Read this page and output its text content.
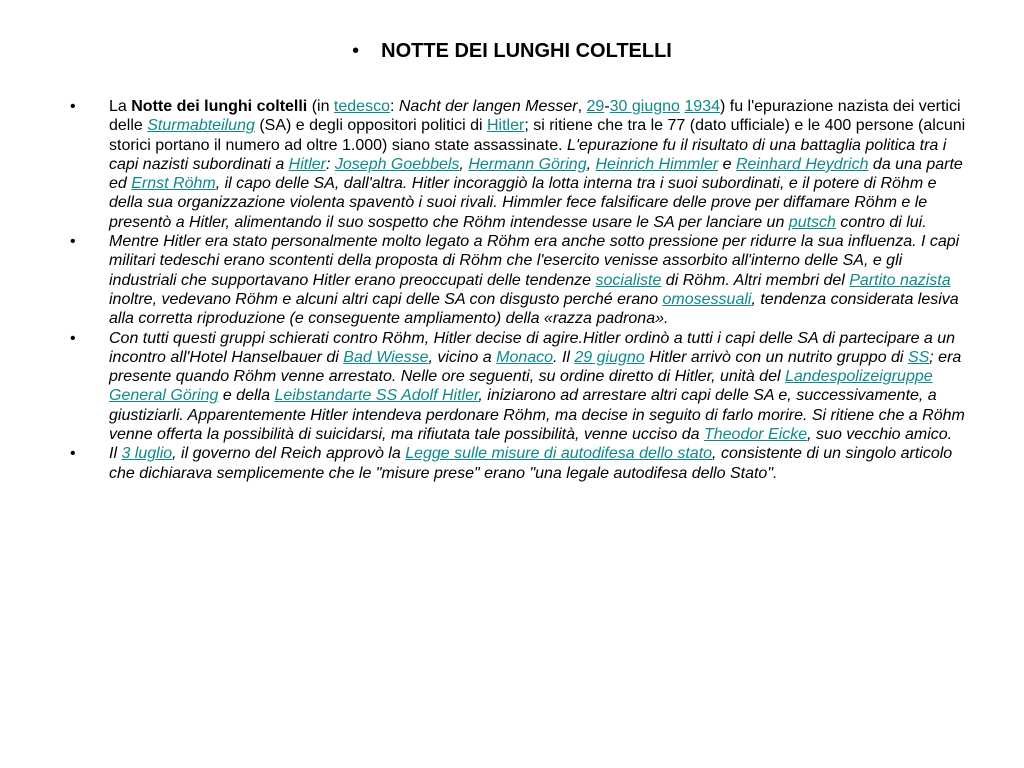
• NOTTE DEI LUNGHI COLTELLI
• La Notte dei lunghi coltelli (in tedesco: Nacht der langen Messer, 29-30 giugno 1934) fu l'epurazione nazista dei vertici delle Sturmabteilung (SA) e degli oppositori politici di Hitler; si ritiene che tra le 77 (dato ufficiale) e le 400 persone (alcuni storici portano il numero ad oltre 1.000) siano state assassinate. L'epurazione fu il risultato di una battaglia politica tra i capi nazisti subordinati a Hitler: Joseph Goebbels, Hermann Göring, Heinrich Himmler e Reinhard Heydrich da una parte ed Ernst Röhm, il capo delle SA, dall'altra. Hitler incoraggiò la lotta interna tra i suoi subordinati, e il potere di Röhm e della sua organizzazione violenta spaventò i suoi rivali. Himmler fece falsificare delle prove per diffamare Röhm e le presentò a Hitler, alimentando il suo sospetto che Röhm intendesse usare le SA per lanciare un putsch contro di lui.
• Mentre Hitler era stato personalmente molto legato a Röhm era anche sotto pressione per ridurre la sua influenza. I capi militari tedeschi erano scontenti della proposta di Röhm che l'esercito venisse assorbito all'interno delle SA, e gli industriali che supportavano Hitler erano preoccupati delle tendenze socialiste di Röhm. Altri membri del Partito nazista inoltre, vedevano Röhm e alcuni altri capi delle SA con disgusto perché erano omosessuali, tendenza considerata lesiva alla corretta riproduzione (e conseguente ampliamento) della «razza padrona».
• Con tutti questi gruppi schierati contro Röhm, Hitler decise di agire.Hitler ordinò a tutti i capi delle SA di partecipare a un incontro all'Hotel Hanselbauer di Bad Wiesse, vicino a Monaco. Il 29 giugno Hitler arrivò con un nutrito gruppo di SS; era presente quando Röhm venne arrestato. Nelle ore seguenti, su ordine diretto di Hitler, unità del Landespolizeigruppe General Göring e della Leibstandarte SS Adolf Hitler, iniziarono ad arrestare altri capi delle SA e, successivamente, a giustiziarli. Apparentemente Hitler intendeva perdonare Röhm, ma decise in seguito di farlo morire. Si ritiene che a Röhm venne offerta la possibilità di suicidarsi, ma rifiutata tale possibilità, venne ucciso da Theodor Eicke, suo vecchio amico.
• Il 3 luglio, il governo del Reich approvò la Legge sulle misure di autodifesa dello stato, consistente di un singolo articolo che dichiarava semplicemente che le "misure prese" erano "una legale autodifesa dello Stato".
